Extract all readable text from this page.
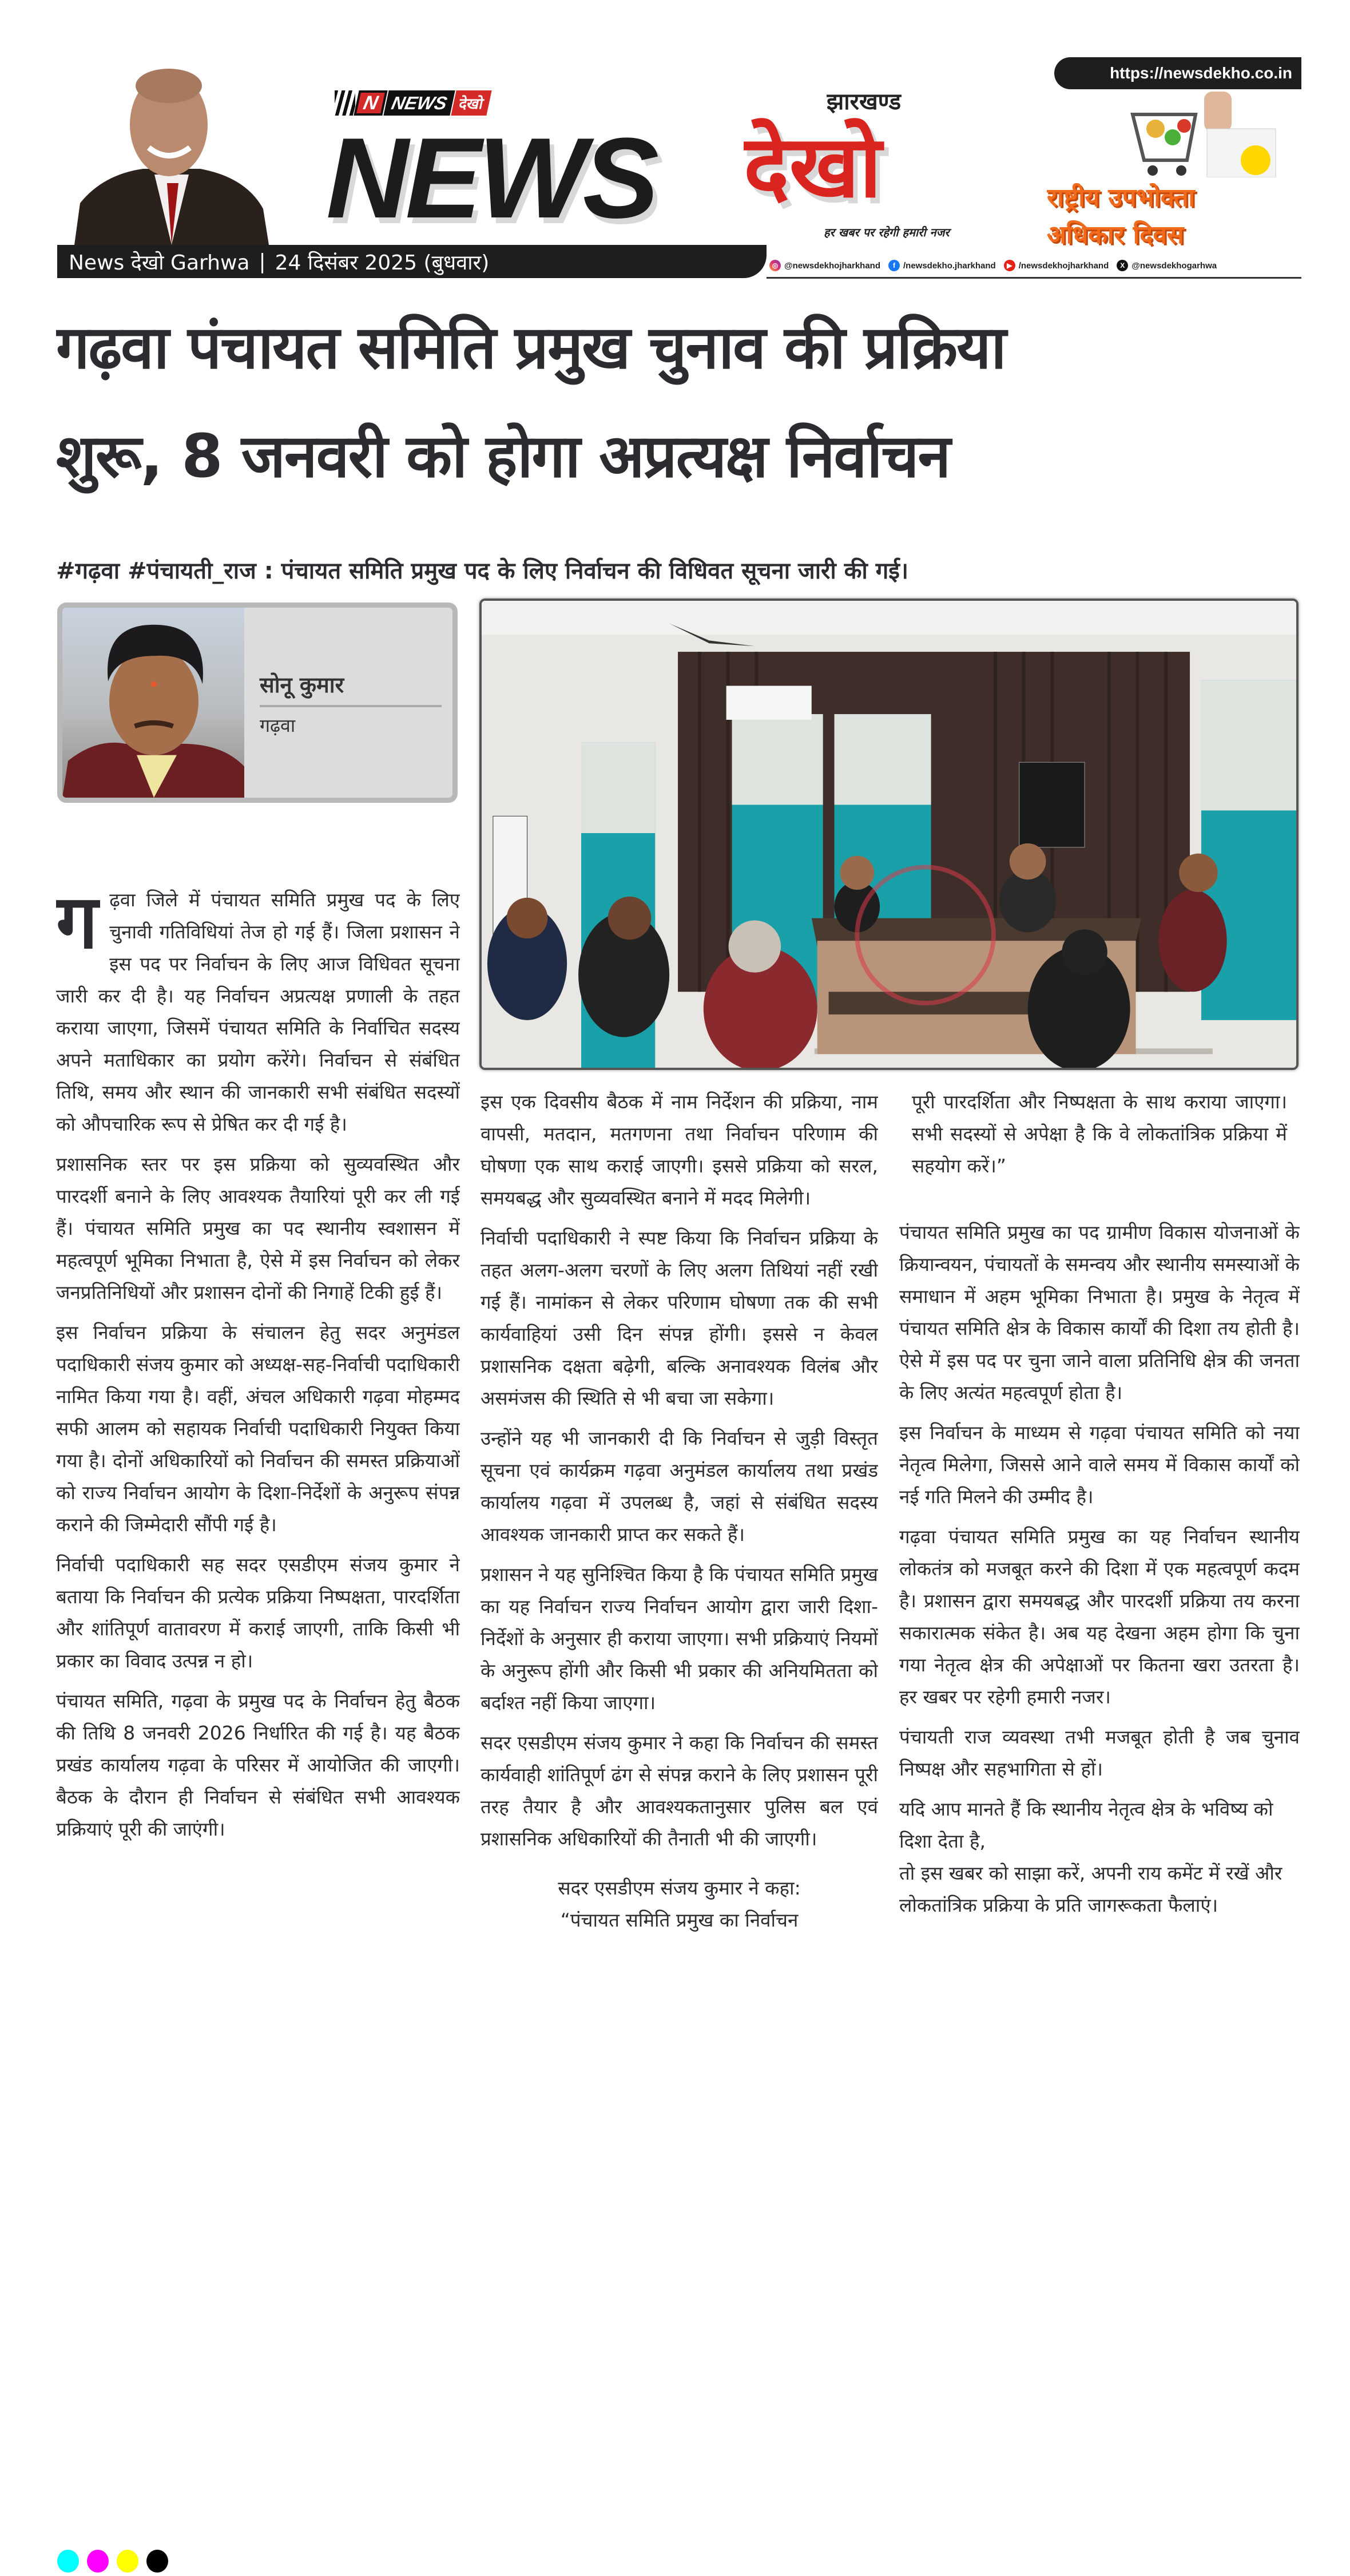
N NEWS देखो
NEWS
झारखण्ड
देखो
हर खबर पर रहेगी हमारी नजर
https://newsdekho.co.in
राष्ट्रीय उपभोक्ता
अधिकार दिवस
News देखो Garhwa | 24 दिसंबर 2025 (बुधवार)	◎ @newsdekhojharkhand	f /newsdekho.jharkhand	▶ /newsdekhojharkhand	X @newsdekhogarhwa
गढ़वा पंचायत समिति प्रमुख चुनाव की प्रक्रिया
शुरू, 8 जनवरी को होगा अप्रत्यक्ष निर्वाचन
#गढ़वा #पंचायती_राज : पंचायत समिति प्रमुख पद के लिए निर्वाचन की विधिवत सूचना जारी की गई।
सोनू कुमार
गढ़वा

ग ढ़वा जिले में पंचायत समिति प्रमुख पद के लिए चुनावी गतिविधियां तेज हो गई हैं। जिला प्रशासन ने इस पद पर निर्वाचन के लिए आज विधिवत सूचना जारी कर दी है। यह निर्वाचन अप्रत्यक्ष प्रणाली के तहत कराया जाएगा, जिसमें पंचायत समिति के निर्वाचित सदस्य अपने मताधिकार का प्रयोग करेंगे। निर्वाचन से संबंधित तिथि, समय और स्थान की जानकारी सभी संबंधित सदस्यों को औपचारिक रूप से प्रेषित कर दी गई है।

प्रशासनिक स्तर पर इस प्रक्रिया को सुव्यवस्थित और पारदर्शी बनाने के लिए आवश्यक तैयारियां पूरी कर ली गई हैं। पंचायत समिति प्रमुख का पद स्थानीय स्वशासन में महत्वपूर्ण भूमिका निभाता है, ऐसे में इस निर्वाचन को लेकर जनप्रतिनिधियों और प्रशासन दोनों की निगाहें टिकी हुई हैं।

इस निर्वाचन प्रक्रिया के संचालन हेतु सदर अनुमंडल पदाधिकारी संजय कुमार को अध्यक्ष-सह-निर्वाची पदाधिकारी नामित किया गया है। वहीं, अंचल अधिकारी गढ़वा मोहम्मद सफी आलम को सहायक निर्वाची पदाधिकारी नियुक्त किया गया है। दोनों अधिकारियों को निर्वाचन की समस्त प्रक्रियाओं को राज्य निर्वाचन आयोग के दिशा-निर्देशों के अनुरूप संपन्न कराने की जिम्मेदारी सौंपी गई है।

निर्वाची पदाधिकारी सह सदर एसडीएम संजय कुमार ने बताया कि निर्वाचन की प्रत्येक प्रक्रिया निष्पक्षता, पारदर्शिता और शांतिपूर्ण वातावरण में कराई जाएगी, ताकि किसी भी प्रकार का विवाद उत्पन्न न हो।

पंचायत समिति, गढ़वा के प्रमुख पद के निर्वाचन हेतु बैठक की तिथि 8 जनवरी 2026 निर्धारित की गई है। यह बैठक प्रखंड कार्यालय गढ़वा के परिसर में आयोजित की जाएगी। बैठक के दौरान ही निर्वाचन से संबंधित सभी आवश्यक प्रक्रियाएं पूरी की जाएंगी।

इस एक दिवसीय बैठक में नाम निर्देशन की प्रक्रिया, नाम वापसी, मतदान, मतगणना तथा निर्वाचन परिणाम की घोषणा एक साथ कराई जाएगी। इससे प्रक्रिया को सरल, समयबद्ध और सुव्यवस्थित बनाने में मदद मिलेगी।

निर्वाची पदाधिकारी ने स्पष्ट किया कि निर्वाचन प्रक्रिया के तहत अलग-अलग चरणों के लिए अलग तिथियां नहीं रखी गई हैं। नामांकन से लेकर परिणाम घोषणा तक की सभी कार्यवाहियां उसी दिन संपन्न होंगी। इससे न केवल प्रशासनिक दक्षता बढ़ेगी, बल्कि अनावश्यक विलंब और असमंजस की स्थिति से भी बचा जा सकेगा।

उन्होंने यह भी जानकारी दी कि निर्वाचन से जुड़ी विस्तृत सूचना एवं कार्यक्रम गढ़वा अनुमंडल कार्यालय तथा प्रखंड कार्यालय गढ़वा में उपलब्ध है, जहां से संबंधित सदस्य आवश्यक जानकारी प्राप्त कर सकते हैं।

प्रशासन ने यह सुनिश्चित किया है कि पंचायत समिति प्रमुख का यह निर्वाचन राज्य निर्वाचन आयोग द्वारा जारी दिशा-निर्देशों के अनुसार ही कराया जाएगा। सभी प्रक्रियाएं नियमों के अनुरूप होंगी और किसी भी प्रकार की अनियमितता को बर्दाश्त नहीं किया जाएगा।

सदर एसडीएम संजय कुमार ने कहा कि निर्वाचन की समस्त कार्यवाही शांतिपूर्ण ढंग से संपन्न कराने के लिए प्रशासन पूरी तरह तैयार है और आवश्यकतानुसार पुलिस बल एवं प्रशासनिक अधिकारियों की तैनाती भी की जाएगी।

सदर एसडीएम संजय कुमार ने कहा:
“पंचायत समिति प्रमुख का निर्वाचन
पूरी पारदर्शिता और निष्पक्षता के साथ कराया जाएगा। सभी सदस्यों से अपेक्षा है कि वे लोकतांत्रिक प्रक्रिया में सहयोग करें।”

पंचायत समिति प्रमुख का पद ग्रामीण विकास योजनाओं के क्रियान्वयन, पंचायतों के समन्वय और स्थानीय समस्याओं के समाधान में अहम भूमिका निभाता है। प्रमुख के नेतृत्व में पंचायत समिति क्षेत्र के विकास कार्यों की दिशा तय होती है। ऐसे में इस पद पर चुना जाने वाला प्रतिनिधि क्षेत्र की जनता के लिए अत्यंत महत्वपूर्ण होता है।

इस निर्वाचन के माध्यम से गढ़वा पंचायत समिति को नया नेतृत्व मिलेगा, जिससे आने वाले समय में विकास कार्यों को नई गति मिलने की उम्मीद है।

गढ़वा पंचायत समिति प्रमुख का यह निर्वाचन स्थानीय लोकतंत्र को मजबूत करने की दिशा में एक महत्वपूर्ण कदम है। प्रशासन द्वारा समयबद्ध और पारदर्शी प्रक्रिया तय करना सकारात्मक संकेत है। अब यह देखना अहम होगा कि चुना गया नेतृत्व क्षेत्र की अपेक्षाओं पर कितना खरा उतरता है। हर खबर पर रहेगी हमारी नजर।

पंचायती राज व्यवस्था तभी मजबूत होती है जब चुनाव निष्पक्ष और सहभागिता से हों।

यदि आप मानते हैं कि स्थानीय नेतृत्व क्षेत्र के भविष्य को दिशा देता है,

तो इस खबर को साझा करें, अपनी राय कमेंट में रखें और लोकतांत्रिक प्रक्रिया के प्रति जागरूकता फैलाएं।
